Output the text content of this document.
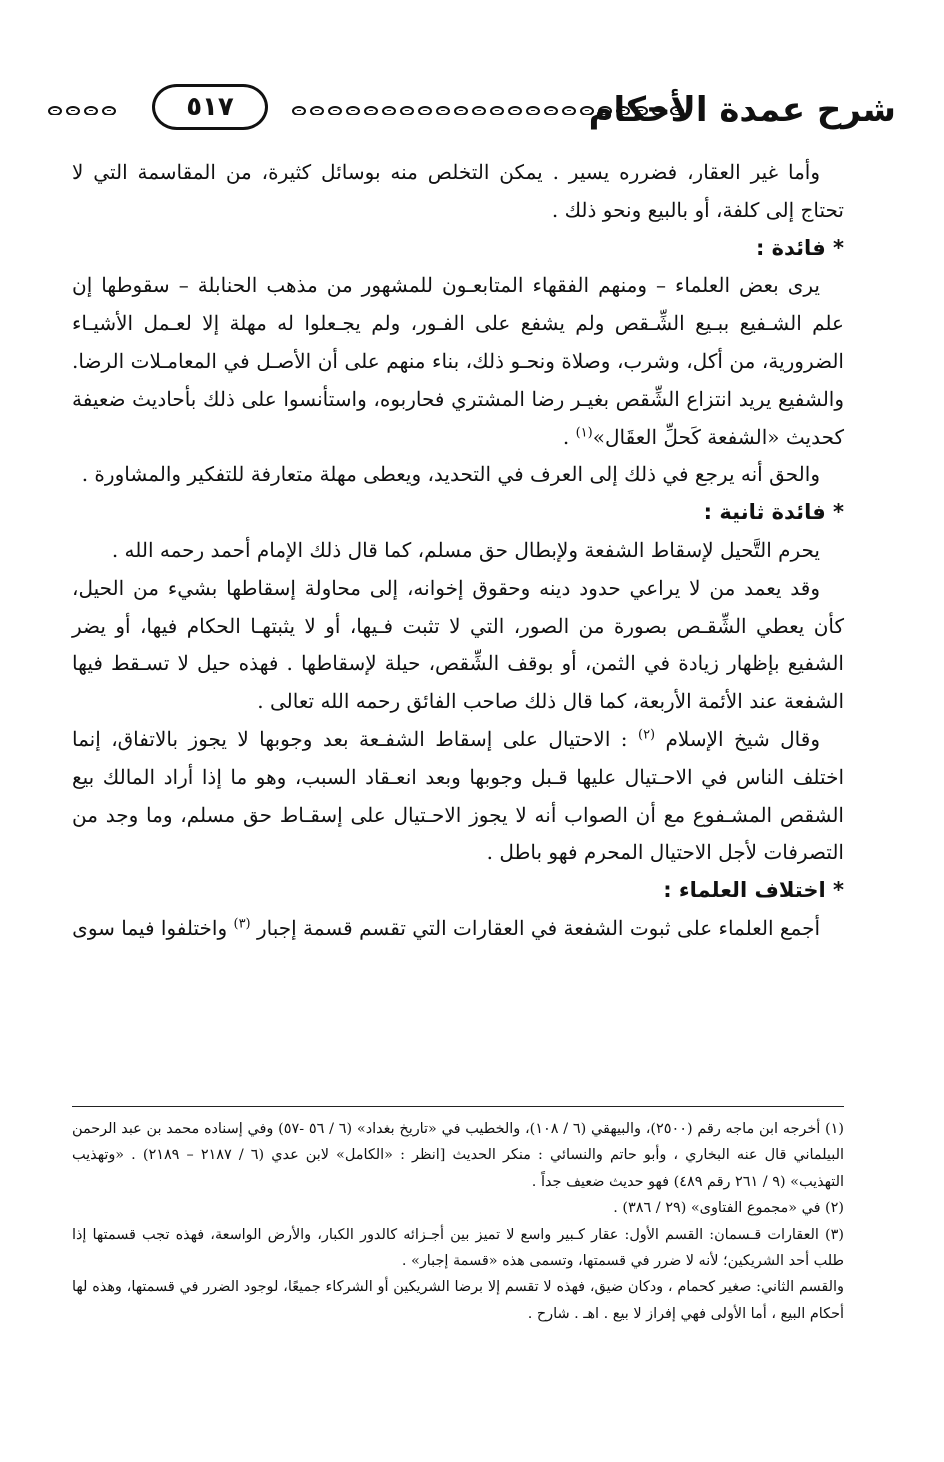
٥١٧	شرح عمدة الأحكام

وأما غير العقار، فضرره يسير . يمكن التخلص منه بوسائل كثيرة، من المقاسمة التي لا تحتاج إلى كلفة، أو بالبيع ونحو ذلك .

* فائدة :

يرى بعض العلماء – ومنهم الفقهاء المتابعـون للمشهور من مذهب الحنابلة – سقوطها إن علم الشـفيع ببـيع الشِّـقص ولم يشفع على الفـور، ولم يجـعلوا له مهلة إلا لعـمل الأشيـاء الضرورية، من أكل، وشرب، وصلاة ونحـو ذلك، بناء منهم على أن الأصـل في المعامـلات الرضا. والشفيع يريد انتزاع الشِّقص بغيـر رضا المشتري فحاربوه، واستأنسوا على ذلك بأحاديث ضعيفة كحديث «الشفعة كَحلِّ العقَال»$^{(١)}$ .

والحق أنه يرجع في ذلك إلى العرف في التحديد، ويعطى مهلة متعارفة للتفكير والمشاورة .

* فائدة ثانية :

يحرم التَّحيل لإسقاط الشفعة ولإبطال حق مسلم، كما قال ذلك الإمام أحمد رحمه الله .

وقد يعمد من لا يراعي حدود دينه وحقوق إخوانه، إلى محاولة إسقاطها بشيء من الحيل، كأن يعطي الشِّقـص بصورة من الصور، التي لا تثبت فـيها، أو لا يثبتهـا الحكام فيها، أو يضر الشفيع بإظهار زيادة في الثمن، أو بوقف الشِّقص، حيلة لإسقاطها . فهذه حيل لا تسـقط فيها الشفعة عند الأئمة الأربعة، كما قال ذلك صاحب الفائق رحمه الله تعالى .

وقال شيخ الإسلام $^{(٢)}$ : الاحتيال على إسقاط الشفـعة بعد وجوبها لا يجوز بالاتفاق، إنما اختلف الناس في الاحـتيال عليها قـبل وجوبها وبعد انعـقاد السبب، وهو ما إذا أراد المالك بيع الشقص المشـفوع مع أن الصواب أنه لا يجوز الاحـتيال على إسقـاط حق مسلم، وما وجد من التصرفات لأجل الاحتيال المحرم فهو باطل .

* اختلاف العلماء :

أجمع العلماء على ثبوت الشفعة في العقارات التي تقسم قسمة إجبار $^{(٣)}$ واختلفوا فيما سوى

(١) أخرجه ابن ماجه رقم (٢٥٠٠)، والبيهقي (٦ / ١٠٨)، والخطيب في «تاريخ بغداد» (٦ / ٥٦ -٥٧) وفي إسناده محمد بن عبد الرحمن البيلماني قال عنه البخاري ، وأبو حاتم والنسائي : منكر الحديث [انظر : «الكامل» لابن عدي (٦ / ٢١٨٧ – ٢١٨٩) . «وتهذيب التهذيب» (٩ / ٢٦١ رقم ٤٨٩) فهو حديث ضعيف جداً .

(٢) في «مجموع الفتاوى» (٢٩ / ٣٨٦) .

(٣) العقارات قـسمان: القسم الأول: عقار كـبير واسع لا تميز بين أجـزائه كالدور الكبار، والأرض الواسعة، فهذه تجب قسمتها إذا طلب أحد الشريكين؛ لأنه لا ضرر في قسمتها، وتسمى هذه «قسمة إجبار» .

والقسم الثاني: صغير كحمام ، ودكان ضيق، فهذه لا تقسم إلا برضا الشريكين أو الشركاء جميعًا، لوجود الضرر في قسمتها، وهذه لها أحكام البيع ، أما الأولى فهي إفراز لا بيع . اهـ . شارح .
